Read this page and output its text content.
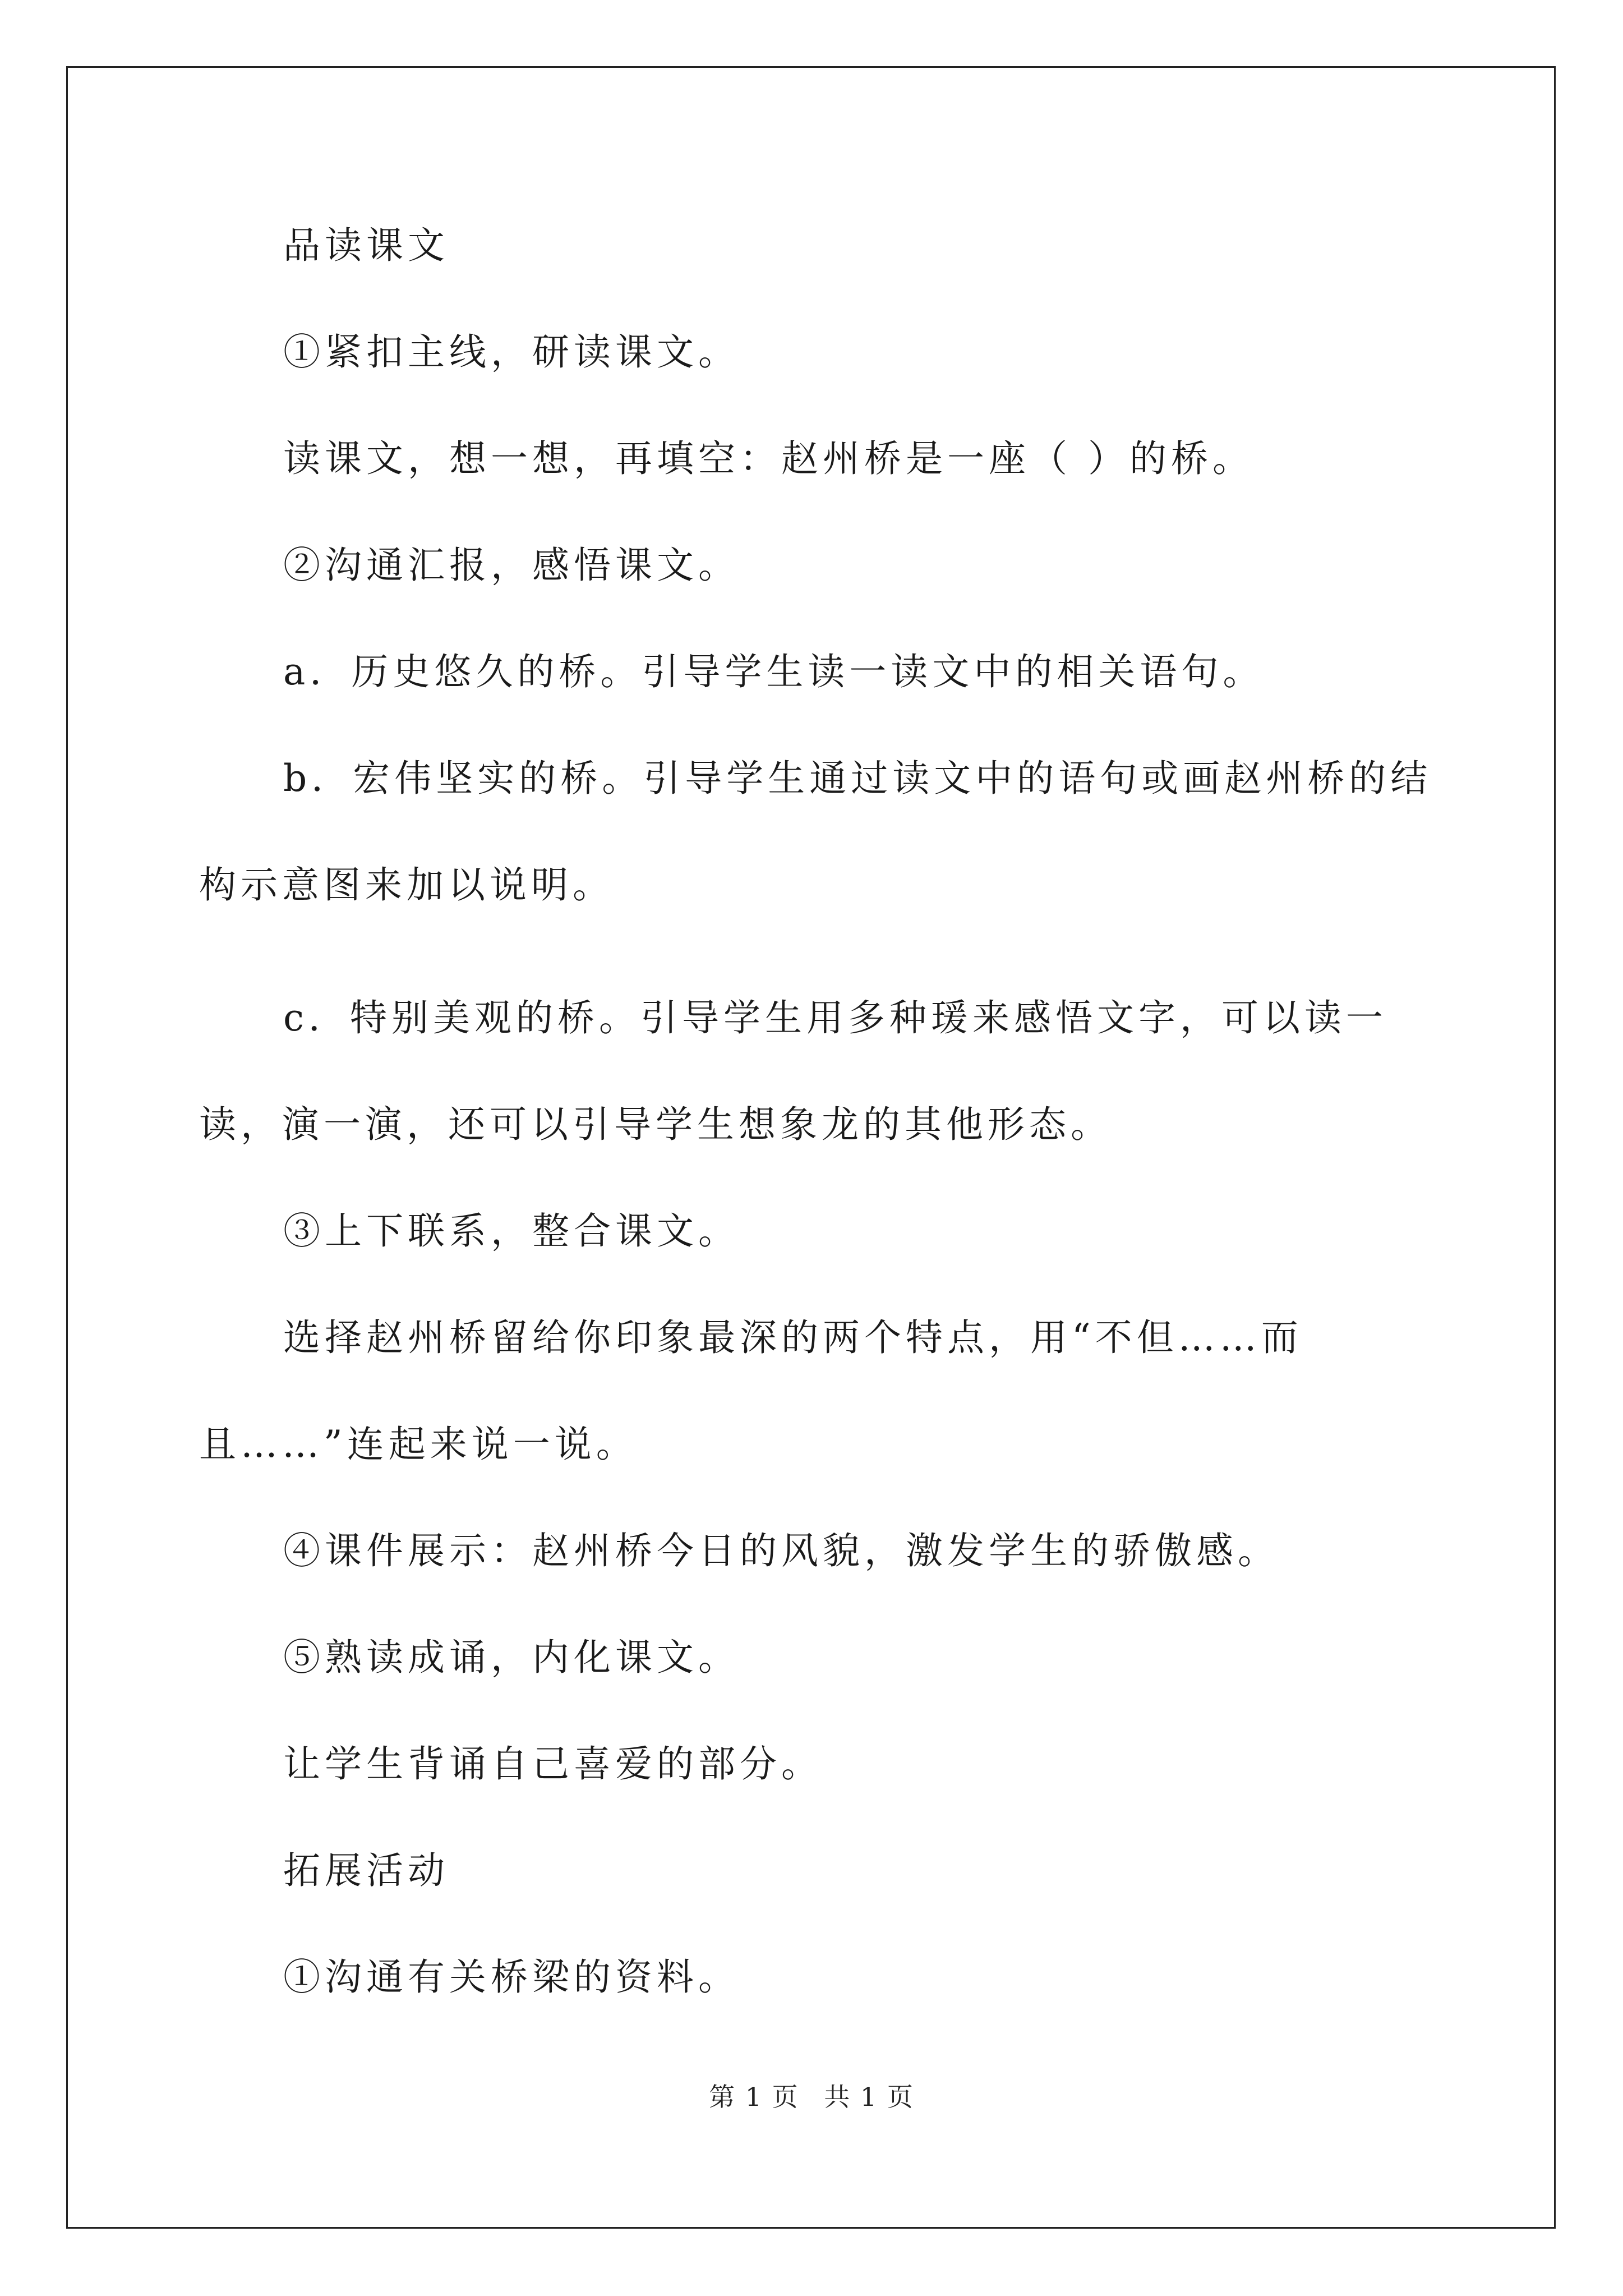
品读课文

①紧扣主线，研读课文。

读课文，想一想，再填空：赵州桥是一座（ ）的桥。

②沟通汇报，感悟课文。

a．历史悠久的桥。引导学生读一读文中的相关语句。

b．宏伟坚实的桥。引导学生通过读文中的语句或画赵州桥的结构示意图来加以说明。

c．特别美观的桥。引导学生用多种瑗来感悟文字，可以读一读，演一演，还可以引导学生想象龙的其他形态。

③上下联系，整合课文。

选择赵州桥留给你印象最深的两个特点，用“不但……而且……”连起来说一说。

④课件展示：赵州桥今日的风貌，激发学生的骄傲感。

⑤熟读成诵，内化课文。

让学生背诵自己喜爱的部分。

拓展活动

①沟通有关桥梁的资料。

第 1 页 共 1 页
